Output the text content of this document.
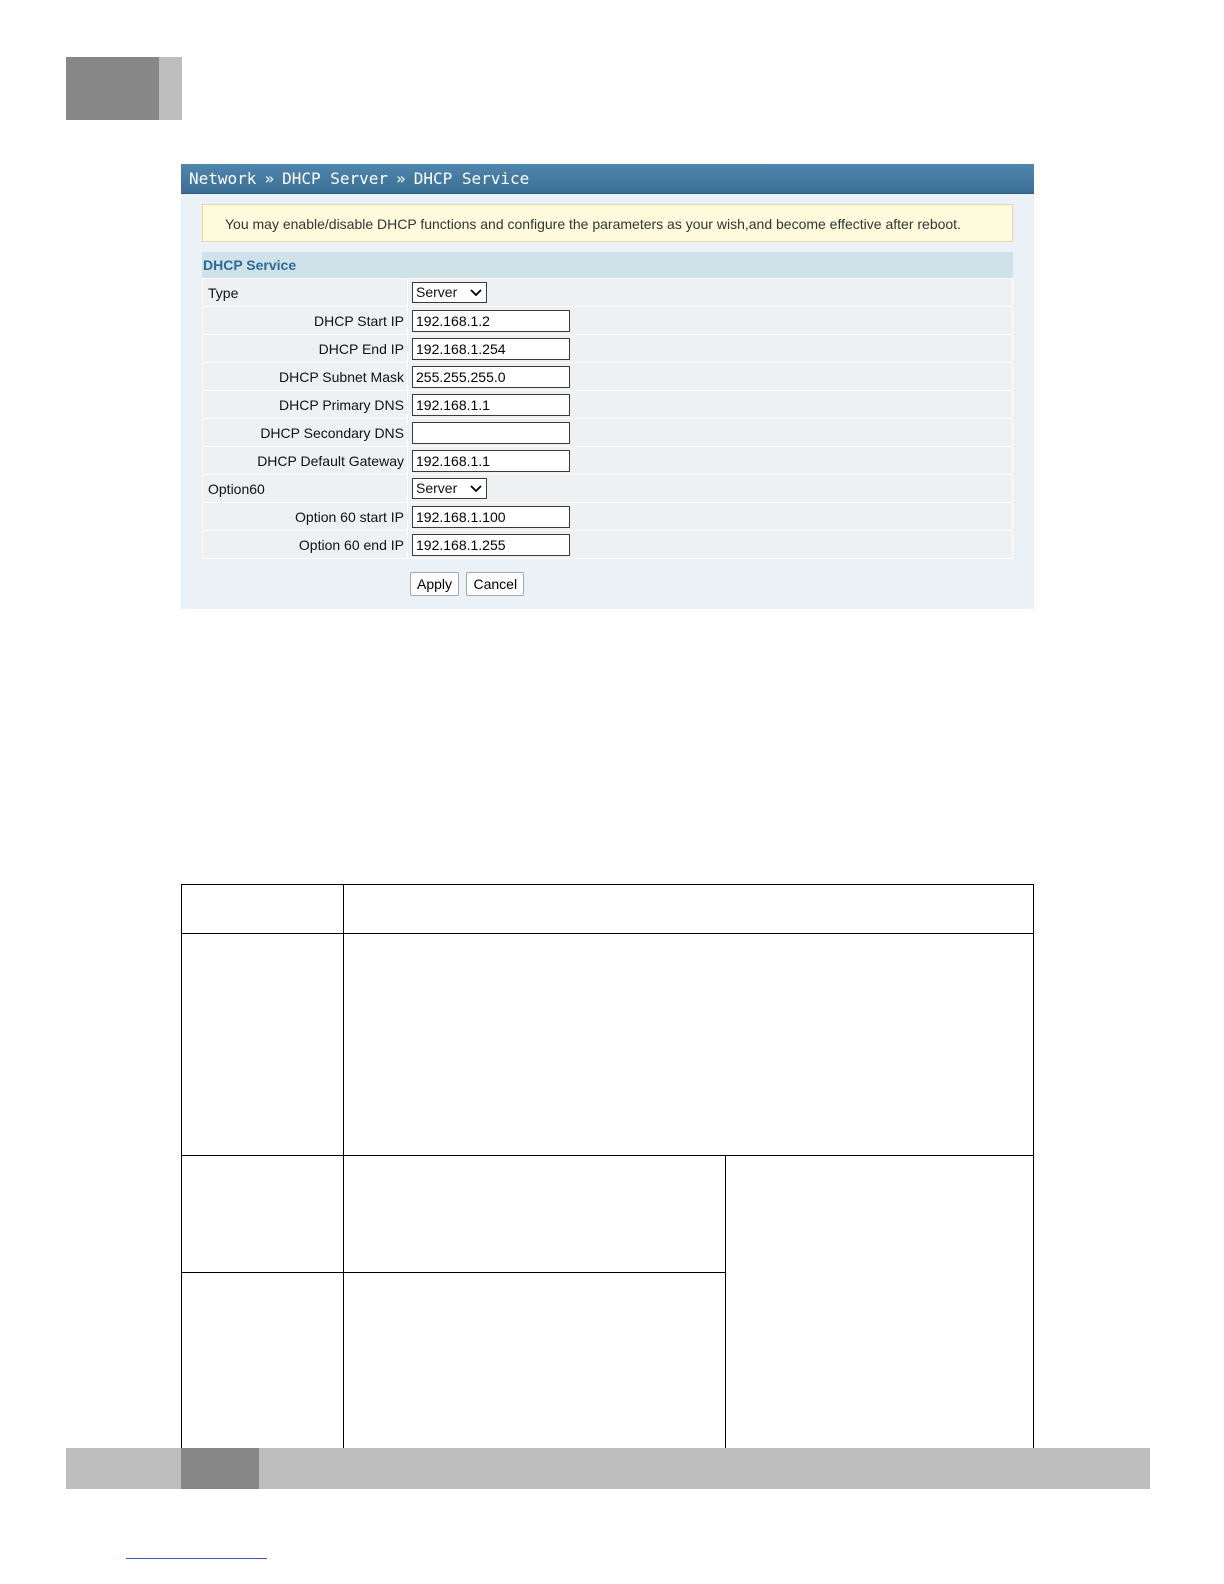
Network » DHCP Server » DHCP Service
You may enable/disable DHCP functions and configure the parameters as your wish,and become effective after reboot.
DHCP Service
Type	Server

DHCP Start IP	192.168.1.2
DHCP End IP	192.168.1.254
DHCP Subnet Mask	255.255.255.0
DHCP Primary DNS	192.168.1.1
DHCP Secondary DNS	
DHCP Default Gateway	192.168.1.1
Option60	Server

Option 60 start IP	192.168.1.100
Option 60 end IP	192.168.1.255
Apply Cancel
